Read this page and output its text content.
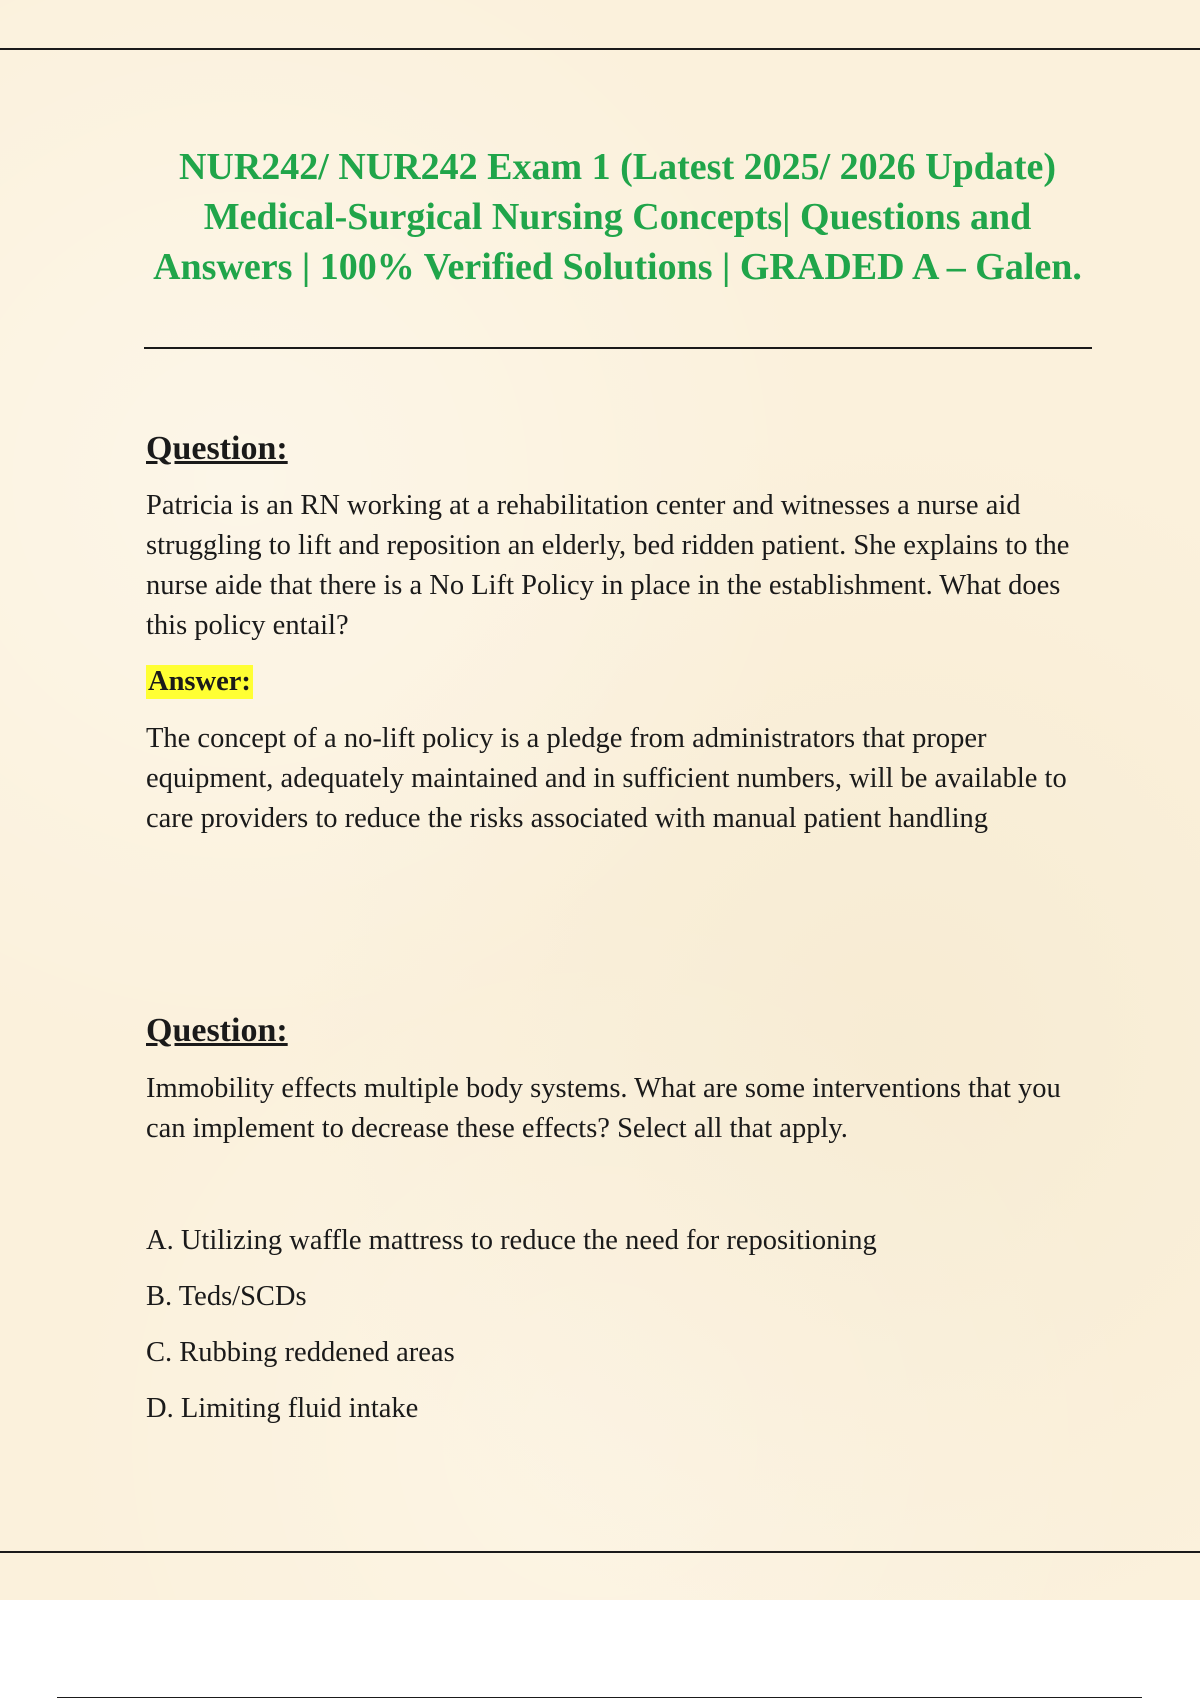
NUR242/ NUR242 Exam 1 (Latest 2025/ 2026 Update) Medical-Surgical Nursing Concepts| Questions and Answers | 100% Verified Solutions | GRADED A – Galen.
Question:

Patricia is an RN working at a rehabilitation center and witnesses a nurse aid struggling to lift and reposition an elderly, bed ridden patient. She explains to the nurse aide that there is a No Lift Policy in place in the establishment. What does this policy entail?

Answer:

The concept of a no-lift policy is a pledge from administrators that proper equipment, adequately maintained and in sufficient numbers, will be available to care providers to reduce the risks associated with manual patient handling

Question:

Immobility effects multiple body systems. What are some interventions that you can implement to decrease these effects? Select all that apply.

A. Utilizing waffle mattress to reduce the need for repositioning

B. Teds/SCDs

C. Rubbing reddened areas

D. Limiting fluid intake
